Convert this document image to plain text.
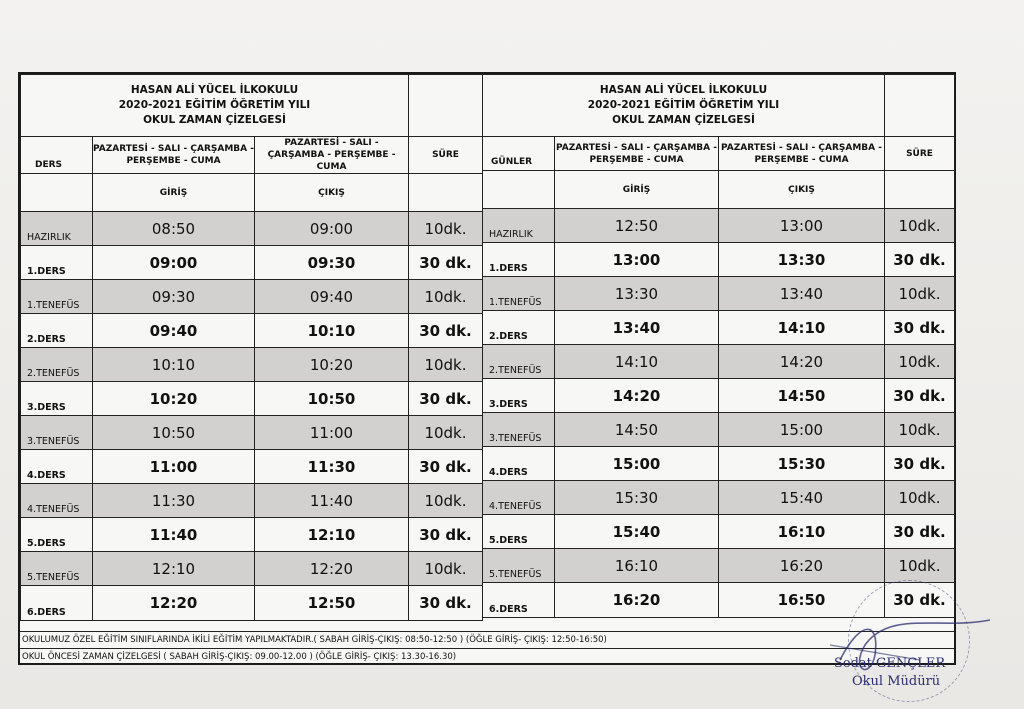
HASAN ALİ YÜCEL İLKOKULU
2020-2021 EĞİTİM ÖĞRETİM YILI
OKUL ZAMAN ÇİZELGESİ			

DERS	PAZARTESİ - SALI - ÇARŞAMBA - PERŞEMBE - CUMA	PAZARTESİ - SALI - ÇARŞAMBA - PERŞEMBE - CUMA	SÜRE
	GİRİŞ	ÇIKIŞ	
HAZIRLIK	08:50	09:00	10dk.
1.DERS	09:00	09:30	30 dk.
1.TENEFÜS	09:30	09:40	10dk.
2.DERS	09:40	10:10	30 dk.
2.TENEFÜS	10:10	10:20	10dk.
3.DERS	10:20	10:50	30 dk.
3.TENEFÜS	10:50	11:00	10dk.
4.DERS	11:00	11:30	30 dk.
4.TENEFÜS	11:30	11:40	10dk.
5.DERS	11:40	12:10	30 dk.
5.TENEFÜS	12:10	12:20	10dk.
6.DERS	12:20	12:50	30 dk.
HASAN ALİ YÜCEL İLKOKULU
2020-2021 EĞİTİM ÖĞRETİM YILI
OKUL ZAMAN ÇİZELGESİ			

GÜNLER	PAZARTESİ - SALI - ÇARŞAMBA - PERŞEMBE - CUMA	PAZARTESİ - SALI - ÇARŞAMBA - PERŞEMBE - CUMA	SÜRE
	GİRİŞ	ÇIKIŞ	
HAZIRLIK	12:50	13:00	10dk.
1.DERS	13:00	13:30	30 dk.
1.TENEFÜS	13:30	13:40	10dk.
2.DERS	13:40	14:10	30 dk.
2.TENEFÜS	14:10	14:20	10dk.
3.DERS	14:20	14:50	30 dk.
3.TENEFÜS	14:50	15:00	10dk.
4.DERS	15:00	15:30	30 dk.
4.TENEFÜS	15:30	15:40	10dk.
5.DERS	15:40	16:10	30 dk.
5.TENEFÜS	16:10	16:20	10dk.
6.DERS	16:20	16:50	30 dk.
OKULUMUZ ÖZEL EĞİTİM SINIFLARINDA İKİLİ EĞİTİM YAPILMAKTADIR.( SABAH GİRİŞ-ÇIKIŞ: 08:50-12:50 ) (ÖĞLE GİRİŞ- ÇIKIŞ: 12:50-16:50)
OKUL ÖNCESİ ZAMAN ÇİZELGESİ ( SABAH GİRİŞ-ÇIKIŞ: 09.00-12.00 ) (ÖĞLE GİRİŞ- ÇIKIŞ: 13.30-16.30)	Sedat GENÇLER
Okul Müdürü
